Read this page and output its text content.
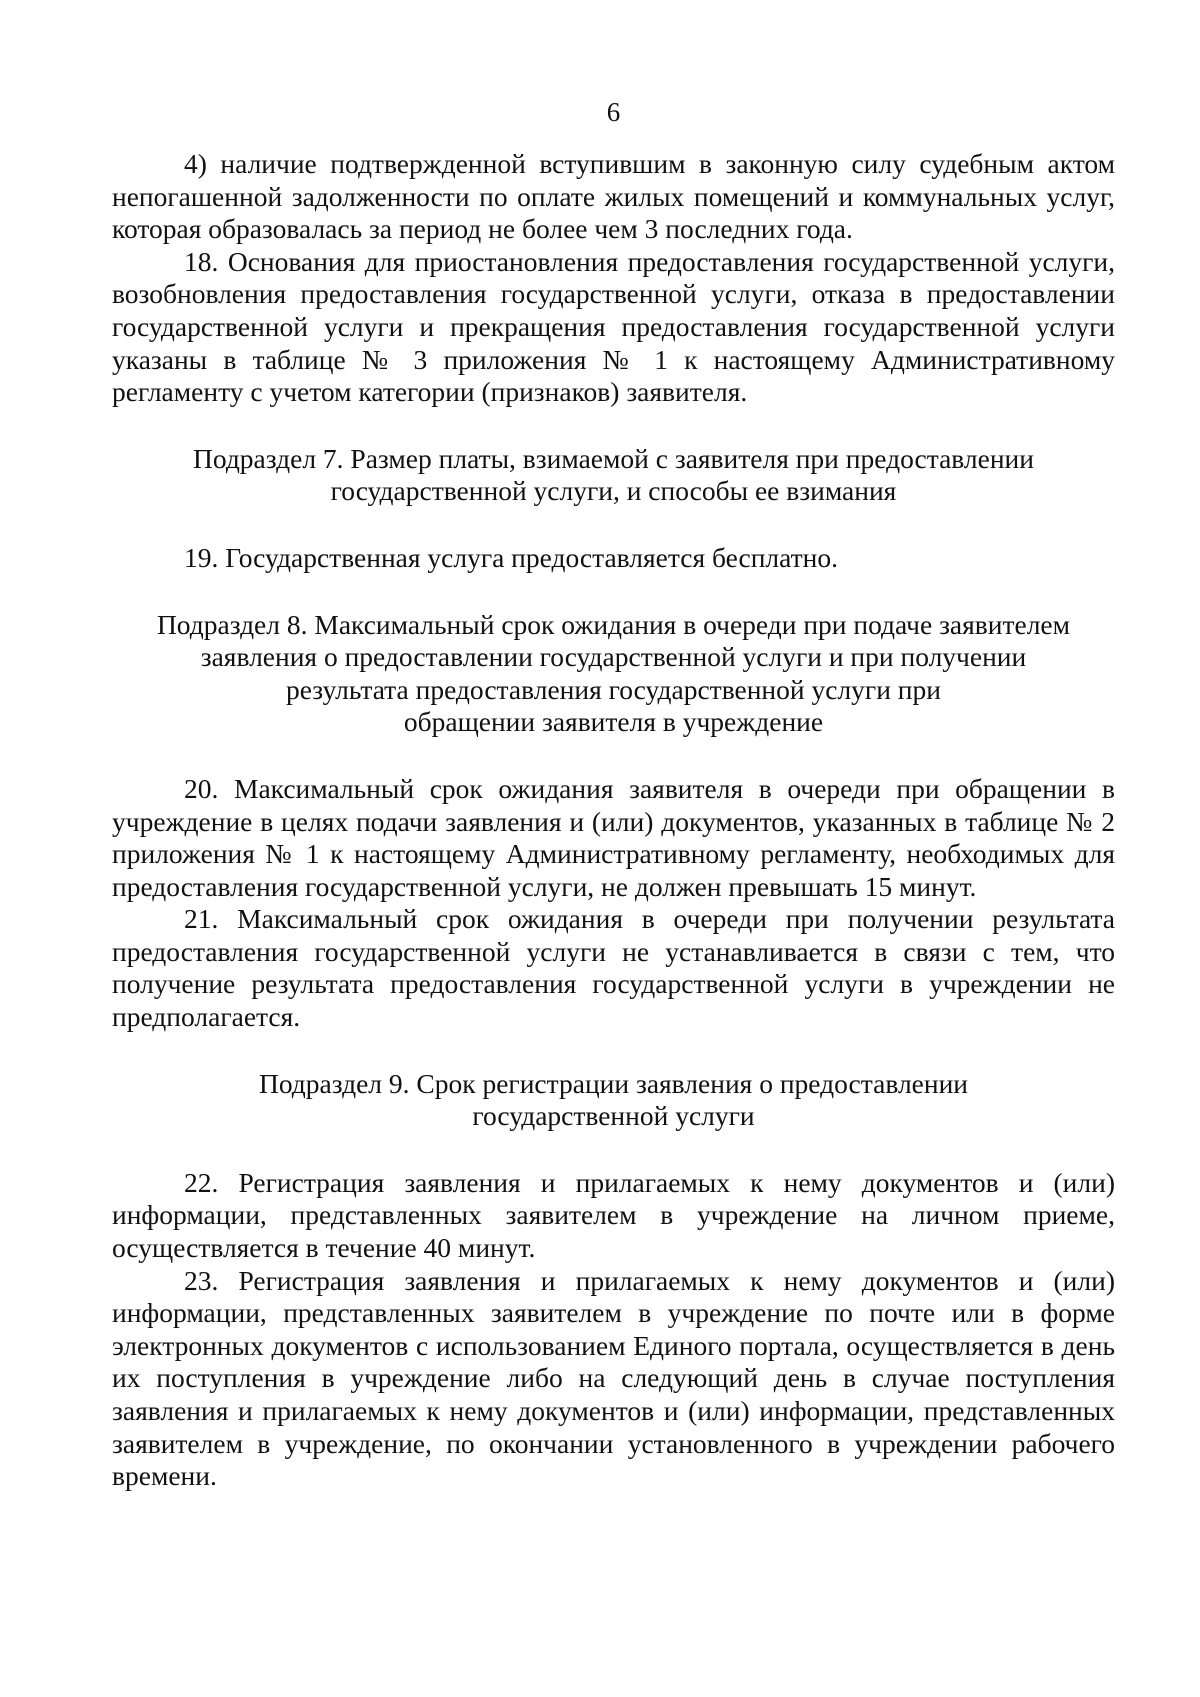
6

4) наличие подтвержденной вступившим в законную силу судебным актом непогашенной задолженности по оплате жилых помещений и коммунальных услуг, которая образовалась за период не более чем 3 последних года.

18. Основания для приостановления предоставления государственной услуги, возобновления предоставления государственной услуги, отказа в предоставлении государственной услуги и прекращения предоставления государственной услуги указаны в таблице № 3 приложения № 1 к настоящему Административному регламенту с учетом категории (признаков) заявителя.

Подраздел 7. Размер платы, взимаемой с заявителя при предоставлении
государственной услуги, и способы ее взимания

19. Государственная услуга предоставляется бесплатно.

Подраздел 8. Максимальный срок ожидания в очереди при подаче заявителем
заявления о предоставлении государственной услуги и при получении
результата предоставления государственной услуги при
обращении заявителя в учреждение

20. Максимальный срок ожидания заявителя в очереди при обращении в учреждение в целях подачи заявления и (или) документов, указанных в таблице № 2 приложения № 1 к настоящему Административному регламенту, необходимых для предоставления государственной услуги, не должен превышать 15 минут.

21. Максимальный срок ожидания в очереди при получении результата предоставления государственной услуги не устанавливается в связи с тем, что получение результата предоставления государственной услуги в учреждении не предполагается.

Подраздел 9. Срок регистрации заявления о предоставлении
государственной услуги

22. Регистрация заявления и прилагаемых к нему документов и (или) информации, представленных заявителем в учреждение на личном приеме, осуществляется в течение 40 минут.

23. Регистрация заявления и прилагаемых к нему документов и (или) информации, представленных заявителем в учреждение по почте или в форме электронных документов с использованием Единого портала, осуществляется в день их поступления в учреждение либо на следующий день в случае поступления заявления и прилагаемых к нему документов и (или) информации, представленных заявителем в учреждение, по окончании установленного в учреждении рабочего времени.
